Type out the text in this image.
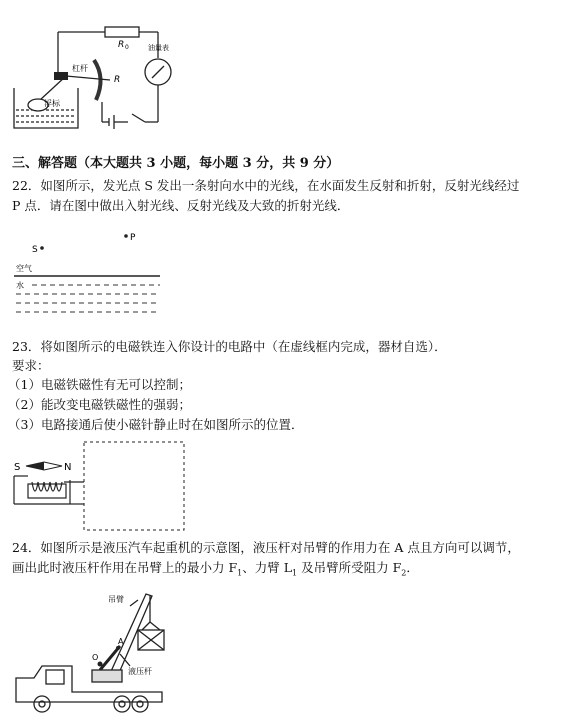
R 0
杠杆
R
油量表
浮标
三、解答题（本大题共 3 小题，每小题 3 分，共 9 分）
22．如图所示，发光点 S 发出一条射向水中的光线，在水面发生反射和折射，反射光线经过
P 点．请在图中做出入射光线、反射光线及大致的折射光线．
S
P
空气
水
23．将如图所示的电磁铁连入你设计的电路中（在虚线框内完成，器材自选）．
要求：
（1）电磁铁磁性有无可以控制；
（2）能改变电磁铁磁性的强弱；
（3）电路接通后使小磁针静止时在如图所示的位置．
S	N
24．如图所示是液压汽车起重机的示意图，液压杆对吊臂的作用力在 A 点且方向可以调节，
画出此时液压杆作用在吊臂上的最小力 $F_1$、力臂 $L_1$ 及吊臂所受阻力 $F_2$．
吊臂
O
A
液压杆
